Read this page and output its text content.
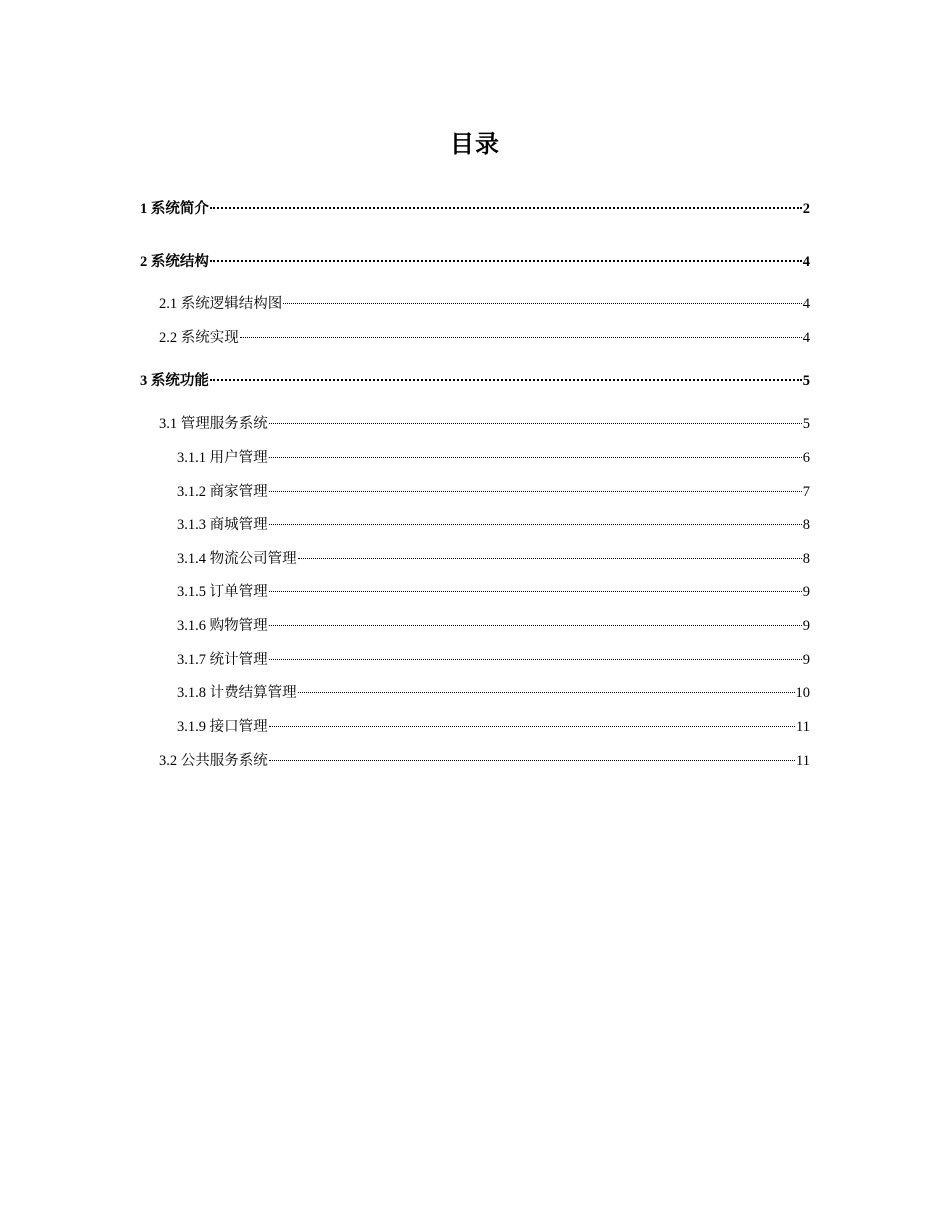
目录
1 系统简介	2
2 系统结构	4
2.1 系统逻辑结构图	4
2.2 系统实现	4
3 系统功能	5
3.1 管理服务系统	5
3.1.1 用户管理	6
3.1.2 商家管理	7
3.1.3 商城管理	8
3.1.4 物流公司管理	8
3.1.5 订单管理	9
3.1.6 购物管理	9
3.1.7 统计管理	9
3.1.8 计费结算管理	10
3.1.9 接口管理	11
3.2 公共服务系统	11
